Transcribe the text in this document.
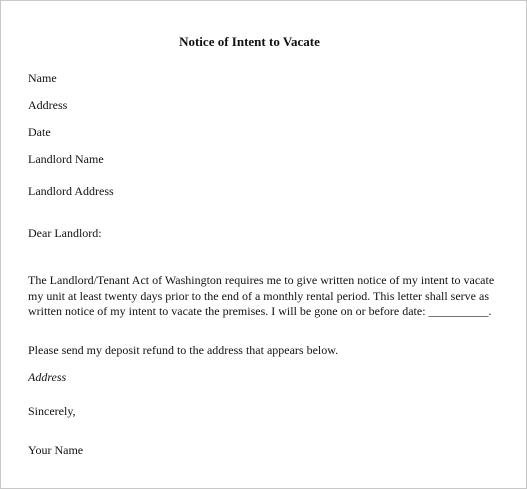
Notice of Intent to Vacate
Name
Address
Date
Landlord Name
Landlord Address
Dear Landlord:
The Landlord/Tenant Act of Washington requires me to give written notice of my intent to vacate
my unit at least twenty days prior to the end of a monthly rental period. This letter shall serve as
written notice of my intent to vacate the premises. I will be gone on or before date: __________.
Please send my deposit refund to the address that appears below.
Address
Sincerely,
Your Name
